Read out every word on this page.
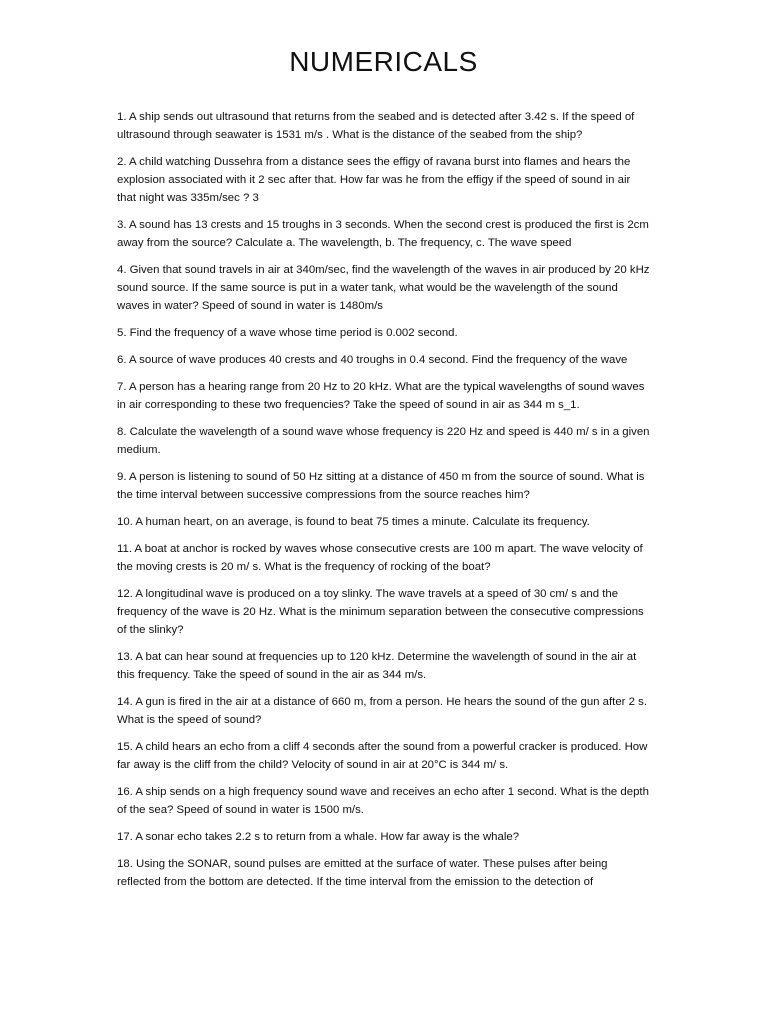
NUMERICALS
1. A ship sends out ultrasound that returns from the seabed and is detected after 3.42 s. If the speed of ultrasound through seawater is 1531 m/s . What is the distance of the seabed from the ship?
2. A child watching Dussehra from a distance sees the effigy of ravana burst into flames and hears the explosion associated with it 2 sec after that. How far was he from the effigy if the speed of sound in air that night was 335m/sec ? 3
3. A sound has 13 crests and 15 troughs in 3 seconds. When the second crest is produced the first is 2cm away from the source? Calculate a. The wavelength, b. The frequency, c. The wave speed
4. Given that sound travels in air at 340m/sec, find the wavelength of the waves in air produced by 20 kHz sound source. If the same source is put in a water tank, what would be the wavelength of the sound waves in water? Speed of sound in water is 1480m/s
5. Find the frequency of a wave whose time period is 0.002 second.
6. A source of wave produces 40 crests and 40 troughs in 0.4 second. Find the frequency of the wave
7. A person has a hearing range from 20 Hz to 20 kHz. What are the typical wavelengths of sound waves in air corresponding to these two frequencies? Take the speed of sound in air as 344 m s_1.
8. Calculate the wavelength of a sound wave whose frequency is 220 Hz and speed is 440 m/ s in a given medium.
9. A person is listening to sound of 50 Hz sitting at a distance of 450 m from the source of sound. What is the time interval between successive compressions from the source reaches him?
10. A human heart, on an average, is found to beat 75 times a minute. Calculate its frequency.
11. A boat at anchor is rocked by waves whose consecutive crests are 100 m apart. The wave velocity of the moving crests is 20 m/ s. What is the frequency of rocking of the boat?
12. A longitudinal wave is produced on a toy slinky. The wave travels at a speed of 30 cm/ s and the frequency of the wave is 20 Hz. What is the minimum separation between the consecutive compressions of the slinky?
13. A bat can hear sound at frequencies up to 120 kHz. Determine the wavelength of sound in the air at this frequency. Take the speed of sound in the air as 344 m/s.
14. A gun is fired in the air at a distance of 660 m, from a person. He hears the sound of the gun after 2 s. What is the speed of sound?
15. A child hears an echo from a cliff 4 seconds after the sound from a powerful cracker is produced. How far away is the cliff from the child? Velocity of sound in air at 20°C is 344 m/ s.
16. A ship sends on a high frequency sound wave and receives an echo after 1 second. What is the depth of the sea? Speed of sound in water is 1500 m/s.
17. A sonar echo takes 2.2 s to return from a whale. How far away is the whale?
18. Using the SONAR, sound pulses are emitted at the surface of water. These pulses after being reflected from the bottom are detected. If the time interval from the emission to the detection of
